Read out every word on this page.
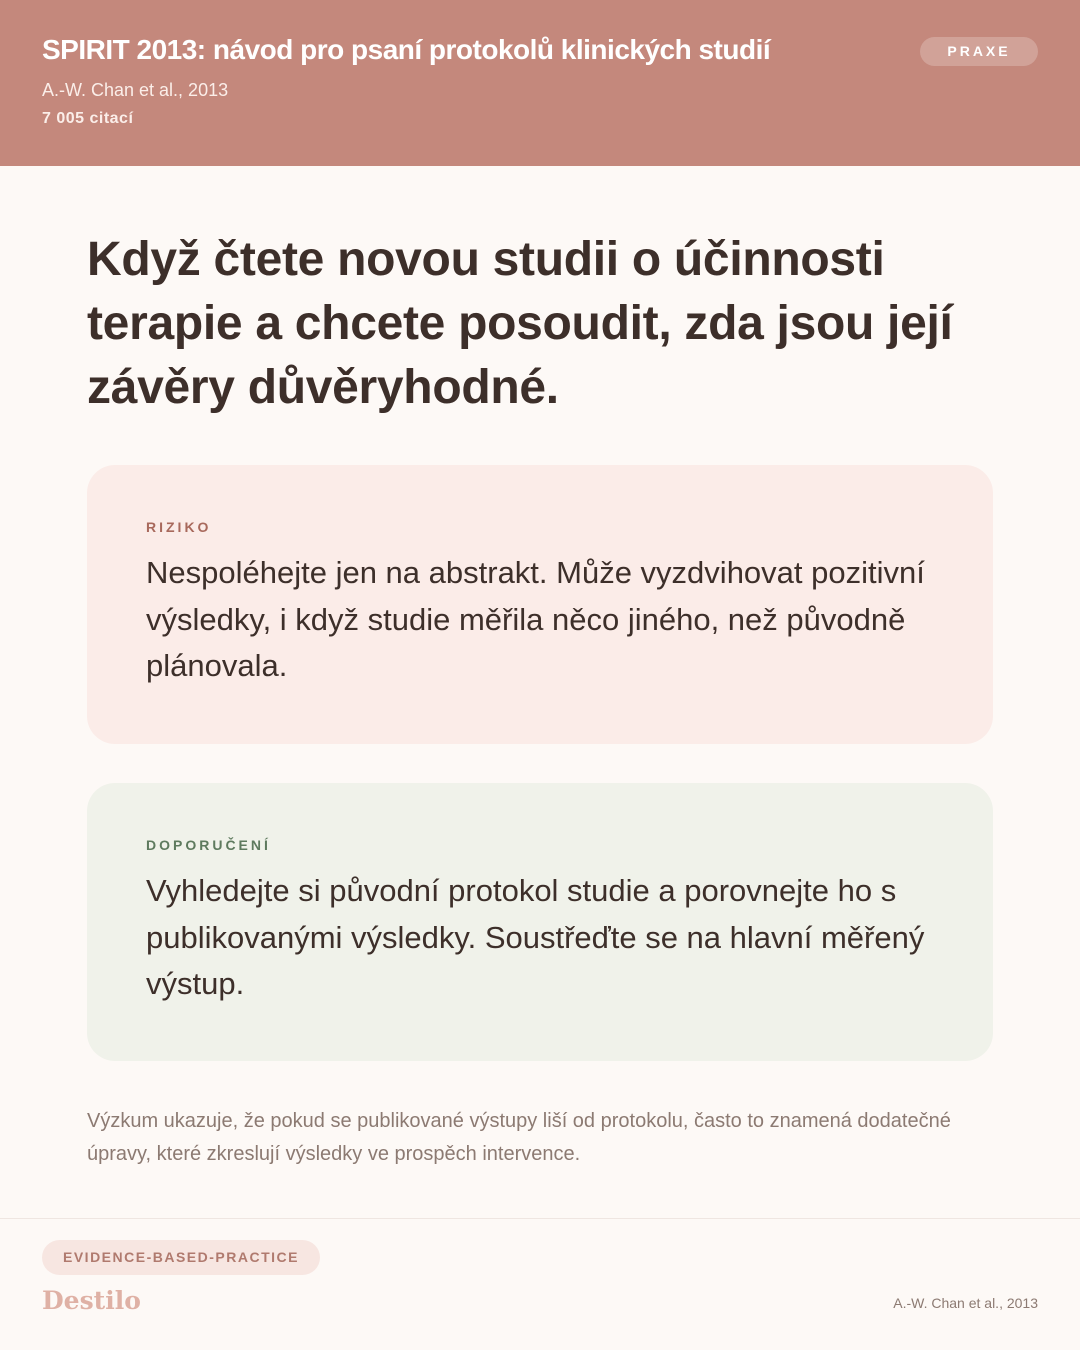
SPIRIT 2013: návod pro psaní protokolů klinických studií
A.-W. Chan et al., 2013
7 005 citací
PRAXE
Když čtete novou studii o účinnosti terapie a chcete posoudit, zda jsou její závěry důvěryhodné.
RIZIKO
Nespoléhejte jen na abstrakt. Může vyzdvihovat pozitivní výsledky, i když studie měřila něco jiného, než původně plánovala.
DOPORUČENÍ
Vyhledejte si původní protokol studie a porovnejte ho s publikovanými výsledky. Soustřeďte se na hlavní měřený výstup.
Výzkum ukazuje, že pokud se publikované výstupy liší od protokolu, často to znamená dodatečné úpravy, které zkreslují výsledky ve prospěch intervence.
EVIDENCE-BASED-PRACTICE
Destilo	A.-W. Chan et al., 2013
